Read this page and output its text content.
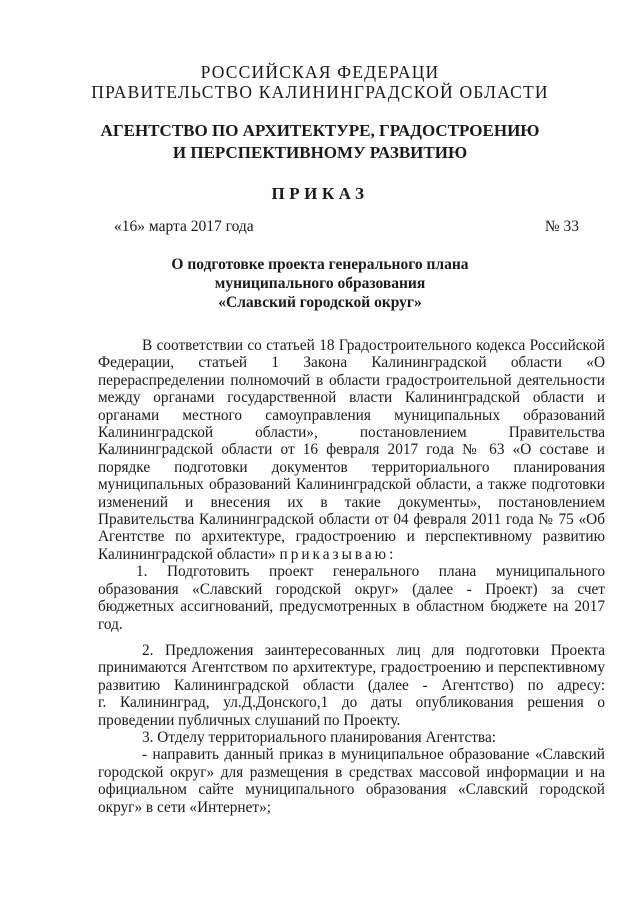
РОССИЙСКАЯ ФЕДЕРАЦИ
ПРАВИТЕЛЬСТВО КАЛИНИНГРАДСКОЙ ОБЛАСТИ
АГЕНТСТВО ПО АРХИТЕКТУРЕ, ГРАДОСТРОЕНИЮ
И ПЕРСПЕКТИВНОМУ РАЗВИТИЮ
ПРИКАЗ
«16» марта 2017 года	№ 33
О подготовке проекта генерального плана
муниципального образования
«Славский городской округ»

В соответствии со статьей 18 Градостроительного кодекса Российской

Федерации, статьей 1 Закона Калининградской области «О

перераспределении полномочий в области градостроительной деятельности

между органами государственной власти Калининградской области и

органами местного самоуправления муниципальных образований

Калининградской области», постановлением Правительства

Калининградской области от 16 февраля 2017 года № 63 «О составе и

порядке подготовки документов территориального планирования

муниципальных образований Калининградской области, а также подготовки

изменений и внесения их в такие документы», постановлением

Правительства Калининградской области от 04 февраля 2011 года № 75 «Об

Агентстве по архитектуре, градостроению и перспективному развитию

Калининградской области» приказываю:

1. Подготовить проект генерального плана муниципального

образования «Славский городской округ» (далее - Проект) за счет

бюджетных ассигнований, предусмотренных в областном бюджете на 2017

год.

2. Предложения заинтересованных лиц для подготовки Проекта

принимаются Агентством по архитектуре, градостроению и перспективному

развитию Калининградской области (далее - Агентство) по адресу:

г. Калининград, ул.Д.Донского,1 до даты опубликования решения о

проведении публичных слушаний по Проекту.

3. Отделу территориального планирования Агентства:

- направить данный приказ в муниципальное образование «Славский

городской округ» для размещения в средствах массовой информации и на

официальном сайте муниципального образования «Славский городской

округ» в сети «Интернет»;
